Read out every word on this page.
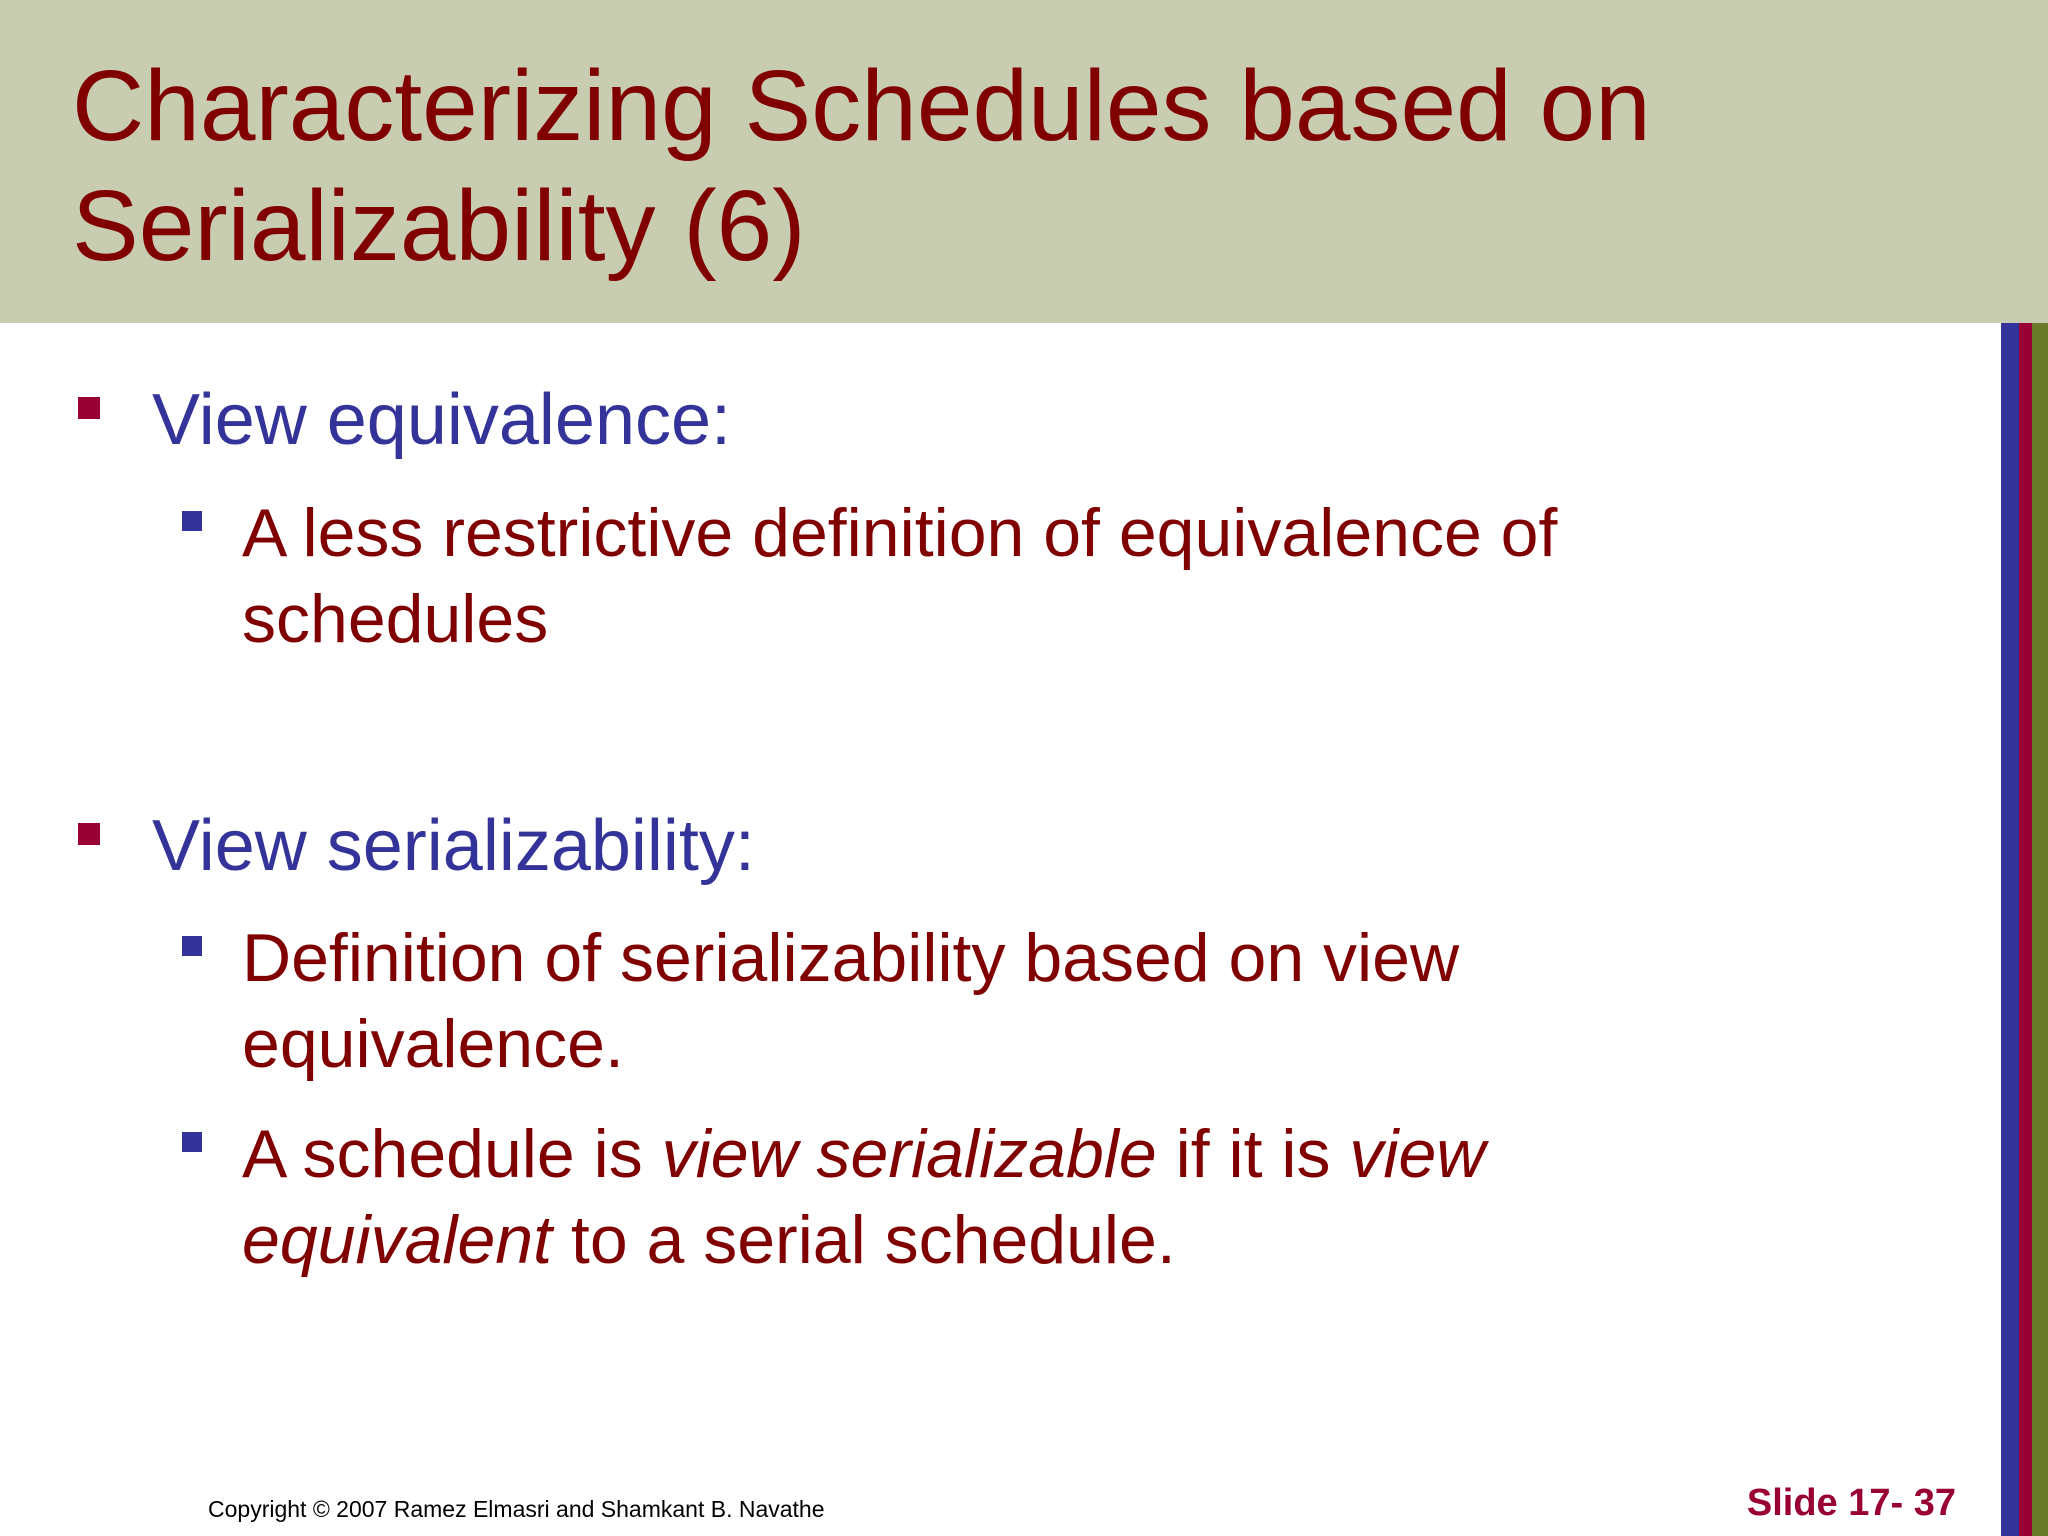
Characterizing Schedules based on Serializability (6)

View equivalence:

A less restrictive definition of equivalence of schedules

View serializability:

Definition of serializability based on view equivalence.

A schedule is view serializable if it is view equivalent to a serial schedule.

Copyright © 2007 Ramez Elmasri and Shamkant B. Navathe	Slide 17- 37
